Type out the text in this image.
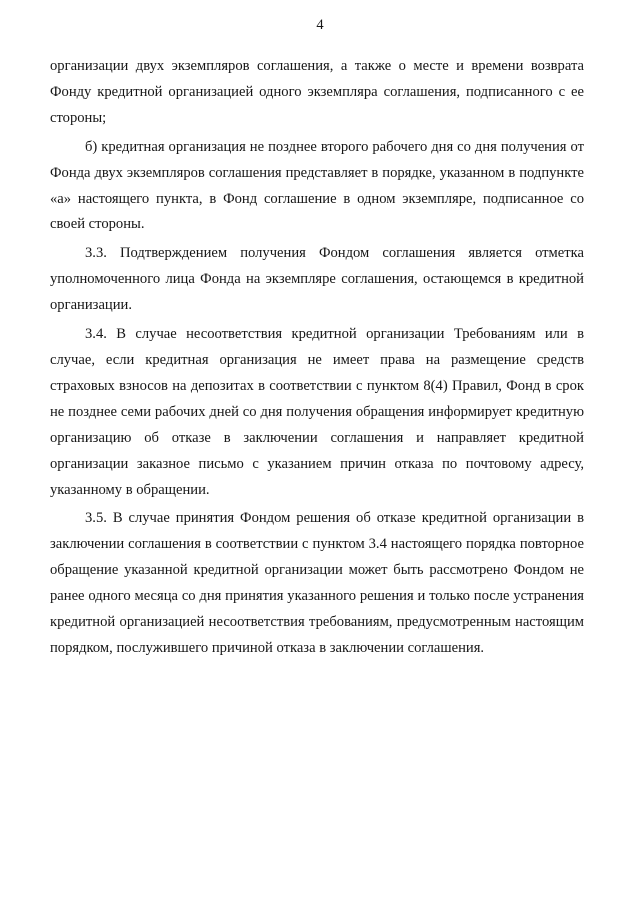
4

организации двух экземпляров соглашения, а также о месте и времени возврата Фонду кредитной организацией одного экземпляра соглашения, подписанного с ее стороны;

б) кредитная организация не позднее второго рабочего дня со дня получения от Фонда двух экземпляров соглашения представляет в порядке, указанном в подпункте «а» настоящего пункта, в Фонд соглашение в одном экземпляре, подписанное со своей стороны.

3.3. Подтверждением получения Фондом соглашения является отметка уполномоченного лица Фонда на экземпляре соглашения, остающемся в кредитной организации.

3.4. В случае несоответствия кредитной организации Требованиям или в случае, если кредитная организация не имеет права на размещение средств страховых взносов на депозитах в соответствии с пунктом 8(4) Правил, Фонд в срок не позднее семи рабочих дней со дня получения обращения информирует кредитную организацию об отказе в заключении соглашения и направляет кредитной организации заказное письмо с указанием причин отказа по почтовому адресу, указанному в обращении.

3.5. В случае принятия Фондом решения об отказе кредитной организации в заключении соглашения в соответствии с пунктом 3.4 настоящего порядка повторное обращение указанной кредитной организации может быть рассмотрено Фондом не ранее одного месяца со дня принятия указанного решения и только после устранения кредитной организацией несоответствия требованиям, предусмотренным настоящим порядком, послужившего причиной отказа в заключении соглашения.
